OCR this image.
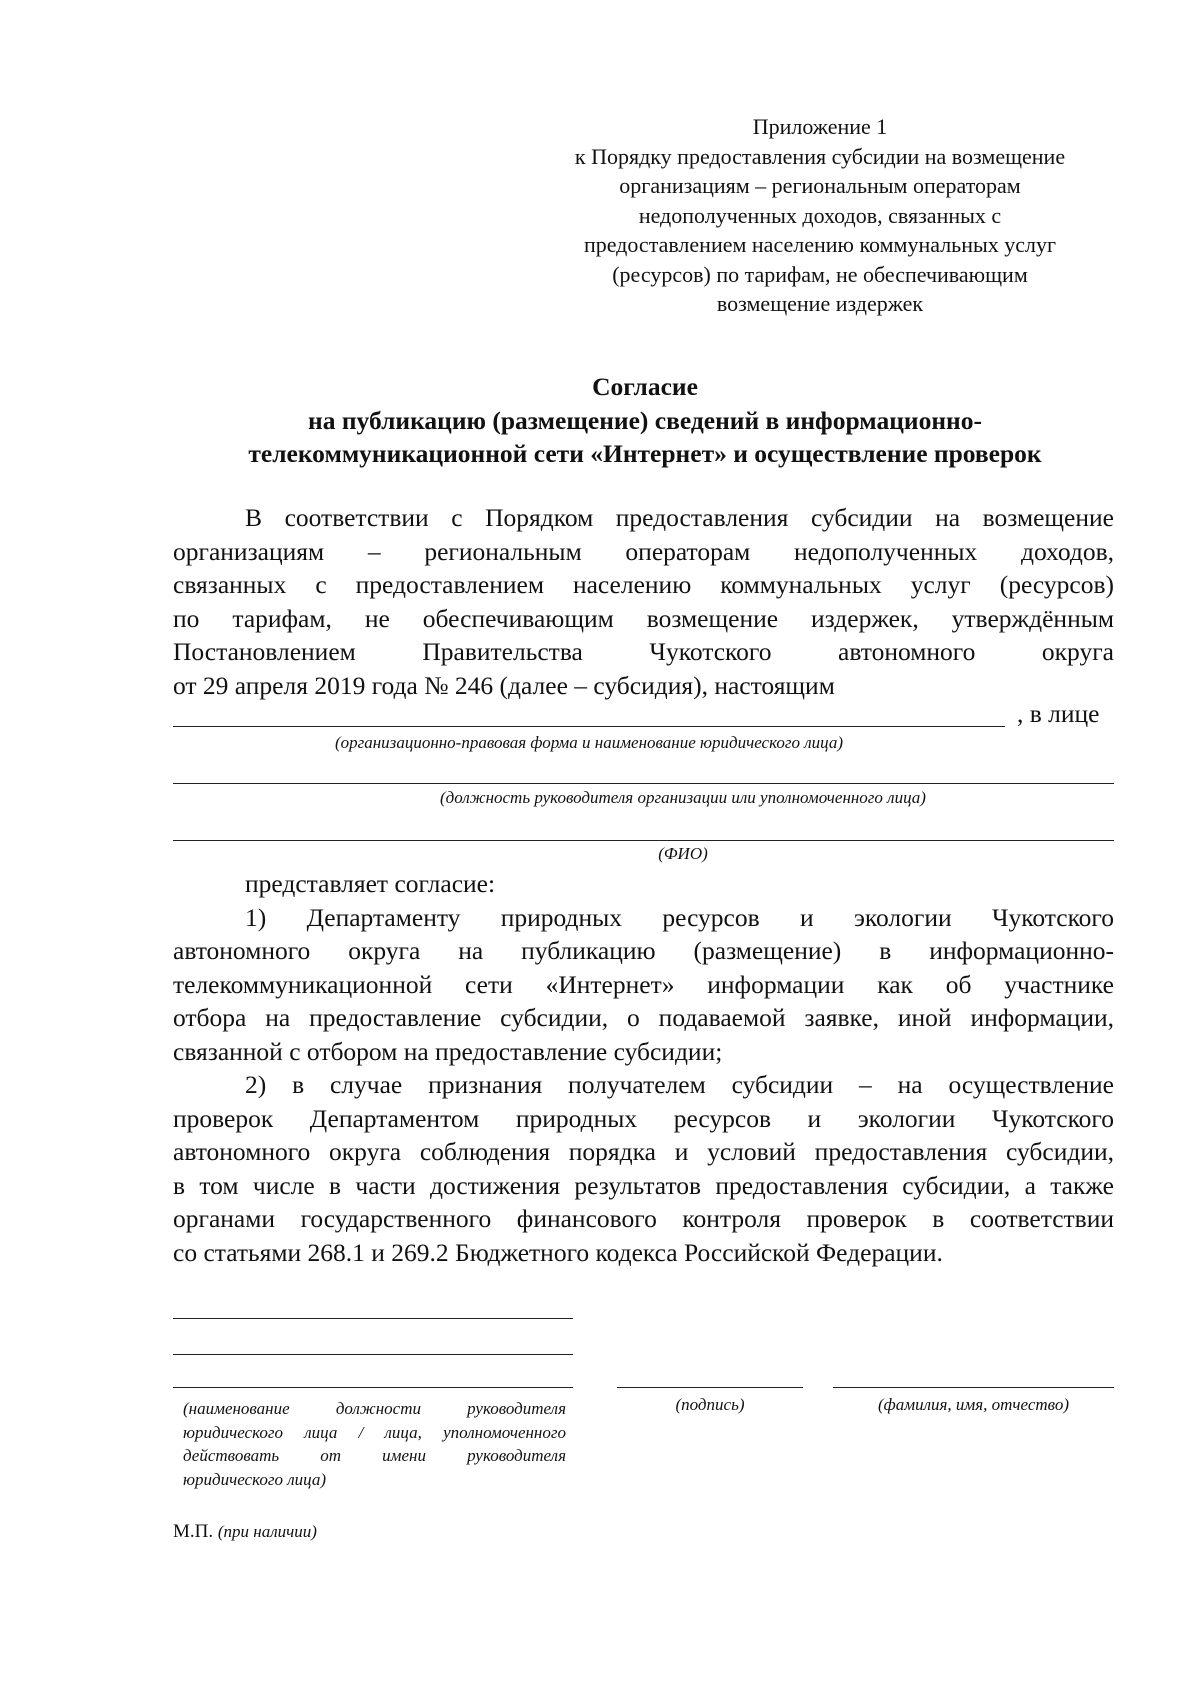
Приложение 1
к Порядку предоставления субсидии на возмещение
организациям – региональным операторам
недополученных доходов, связанных с
предоставлением населению коммунальных услуг
(ресурсов) по тарифам, не обеспечивающим
возмещение издержек
Согласие
на публикацию (размещение) сведений в информационно-
телекоммуникационной сети «Интернет» и осуществление проверок
В соответствии с Порядком предоставления субсидии на возмещение
организациям – региональным операторам недополученных доходов,
связанных с предоставлением населению коммунальных услуг (ресурсов)
по тарифам, не обеспечивающим возмещение издержек, утверждённым
Постановлением Правительства Чукотского автономного округа
от 29 апреля 2019 года № 246 (далее – субсидия), настоящим
, в лице
(организационно-правовая форма и наименование юридического лица)
(должность руководителя организации или уполномоченного лица)
(ФИО)
представляет согласие:
1) Департаменту природных ресурсов и экологии Чукотского
автономного округа на публикацию (размещение) в информационно-
телекоммуникационной сети «Интернет» информации как об участнике
отбора на предоставление субсидии, о подаваемой заявке, иной информации,
связанной с отбором на предоставление субсидии;
2) в случае признания получателем субсидии – на осуществление
проверок Департаментом природных ресурсов и экологии Чукотского
автономного округа соблюдения порядка и условий предоставления субсидии,
в том числе в части достижения результатов предоставления субсидии, а также
органами государственного финансового контроля проверок в соответствии
со статьями 268.1 и 269.2 Бюджетного кодекса Российской Федерации.
(наименование должности руководителя
юридического лица / лица, уполномоченного
действовать от имени руководителя
юридического лица)
(подпись)	(фамилия, имя, отчество)
М.П. (при наличии)
